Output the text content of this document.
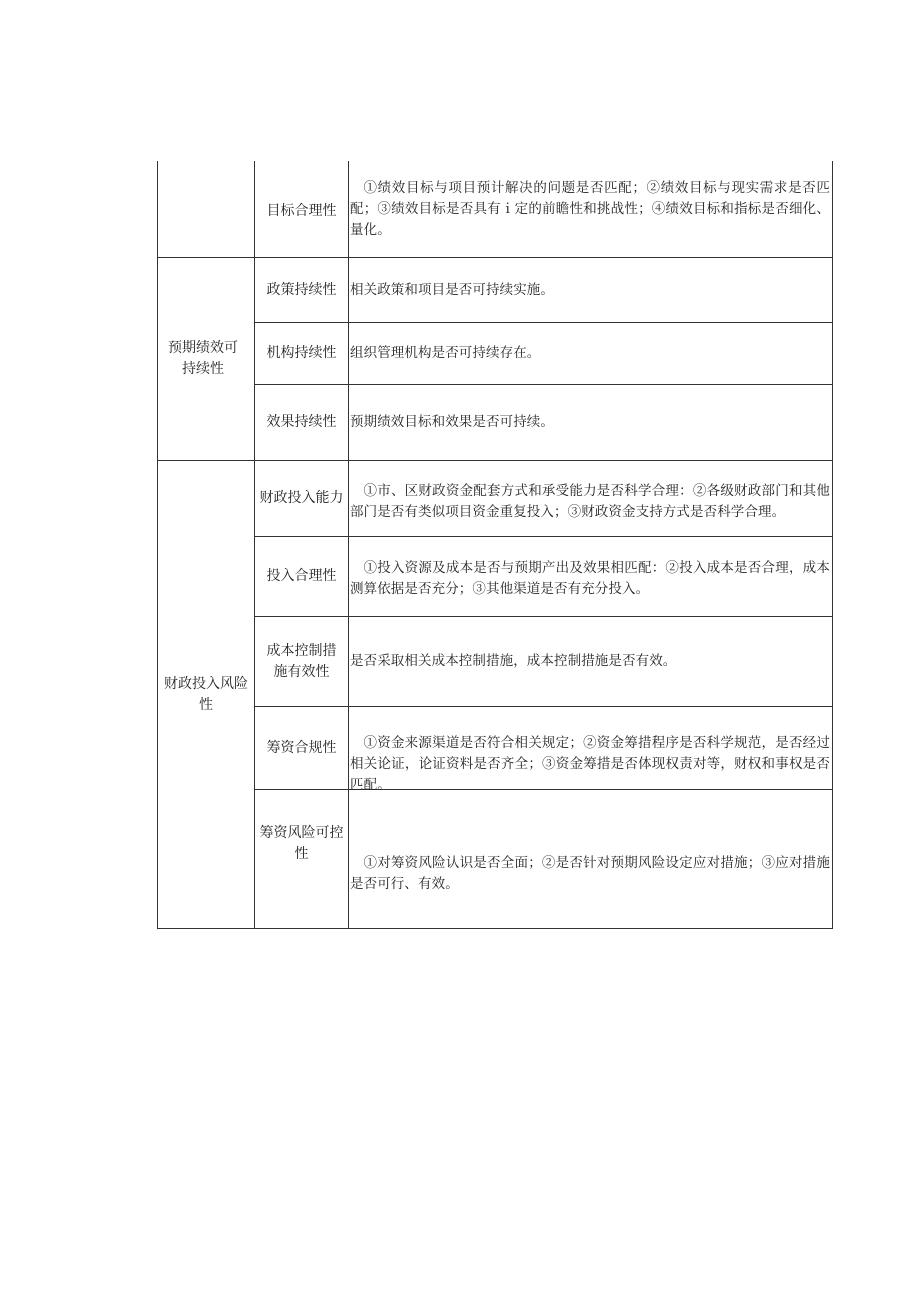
预期绩效可持续性
财政投入风险性
目标合理性
政策持续性
机构持续性
效果持续性
财政投入能力
投入合理性
成本控制措施有效性
筹资合规性
筹资风险可控性
①绩效目标与项目预计解决的问题是否匹配；②绩效目标与现实需求是否匹配；③绩效目标是否具有ｉ定的前瞻性和挑战性；④绩效目标和指标是否细化、量化。
相关政策和项目是否可持续实施。
组织管理机构是否可持续存在。
预期绩效目标和效果是否可持续。
①市、区财政资金配套方式和承受能力是否科学合理：②各级财政部门和其他部门是否有类似项目资金重复投入；③财政资金支持方式是否科学合理。
①投入资源及成本是否与预期产出及效果相匹配：②投入成本是否合理，成本测算依据是否充分；③其他渠道是否有充分投入。
是否采取相关成本控制措施，成本控制措施是否有效。
①资金来源渠道是否符合相关规定；②资金筹措程序是否科学规范，是否经过相关论证，论证资料是否齐全；③资金筹措是否体现权责对等，财权和事权是否匹配。
①对筹资风险认识是否全面；②是否针对预期风险设定应对措施；③应对措施是否可行、有效。
